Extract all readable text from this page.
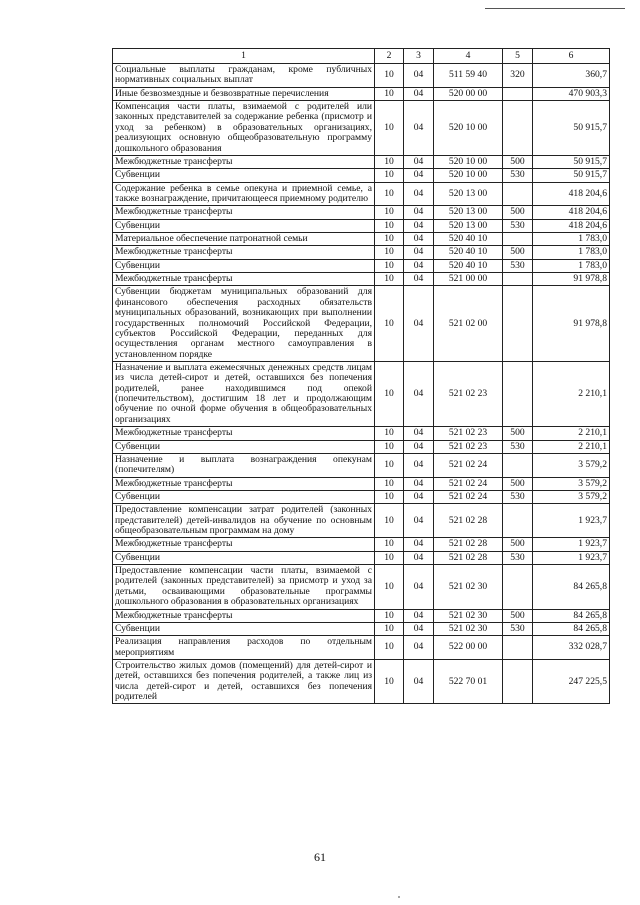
1	2	3	4	5	6
Социальные выплаты гражданам, кроме публичных нормативных социальных выплат	10	04	511 59 40	320	360,7
Иные безвозмездные и безвозвратные перечисления	10	04	520 00 00		470 903,3
Компенсация части платы, взимаемой с родителей или законных представителей за содержание ребенка (присмотр и уход за ребенком) в образовательных организациях, реализующих основную общеобразовательную программу дошкольного образования	10	04	520 10 00		50 915,7
Межбюджетные трансферты	10	04	520 10 00	500	50 915,7
Субвенции	10	04	520 10 00	530	50 915,7
Содержание ребенка в семье опекуна и приемной семье, а также вознаграждение, причитающееся приемному родителю	10	04	520 13 00		418 204,6
Межбюджетные трансферты	10	04	520 13 00	500	418 204,6
Субвенции	10	04	520 13 00	530	418 204,6
Материальное обеспечение патронатной семьи	10	04	520 40 10		1 783,0
Межбюджетные трансферты	10	04	520 40 10	500	1 783,0
Субвенции	10	04	520 40 10	530	1 783,0
Межбюджетные трансферты	10	04	521 00 00		91 978,8
Субвенции бюджетам муниципальных образований для финансового обеспечения расходных обязательств муниципальных образований, возникающих при выполнении государственных полномочий Российской Федерации, субъектов Российской Федерации, переданных для осуществления органам местного самоуправления в установленном порядке	10	04	521 02 00		91 978,8
Назначение и выплата ежемесячных денежных средств лицам из числа детей-сирот и детей, оставшихся без попечения родителей, ранее находившимся под опекой (попечительством), достигшим 18 лет и продолжающим обучение по очной форме обучения в общеобразовательных организациях	10	04	521 02 23		2 210,1
Межбюджетные трансферты	10	04	521 02 23	500	2 210,1
Субвенции	10	04	521 02 23	530	2 210,1
Назначение и выплата вознаграждения опекунам (попечителям)	10	04	521 02 24		3 579,2
Межбюджетные трансферты	10	04	521 02 24	500	3 579,2
Субвенции	10	04	521 02 24	530	3 579,2
Предоставление компенсации затрат родителей (законных представителей) детей-инвалидов на обучение по основным общеобразовательным программам на дому	10	04	521 02 28		1 923,7
Межбюджетные трансферты	10	04	521 02 28	500	1 923,7
Субвенции	10	04	521 02 28	530	1 923,7
Предоставление компенсации части платы, взимаемой с родителей (законных представителей) за присмотр и уход за детьми, осваивающими образовательные программы дошкольного образования в образовательных организациях	10	04	521 02 30		84 265,8
Межбюджетные трансферты	10	04	521 02 30	500	84 265,8
Субвенции	10	04	521 02 30	530	84 265,8
Реализация направления расходов по отдельным мероприятиям	10	04	522 00 00		332 028,7
Строительство жилых домов (помещений) для детей-сирот и детей, оставшихся без попечения родителей, а также лиц из числа детей-сирот и детей, оставшихся без попечения родителей	10	04	522 70 01		247 225,5
61
